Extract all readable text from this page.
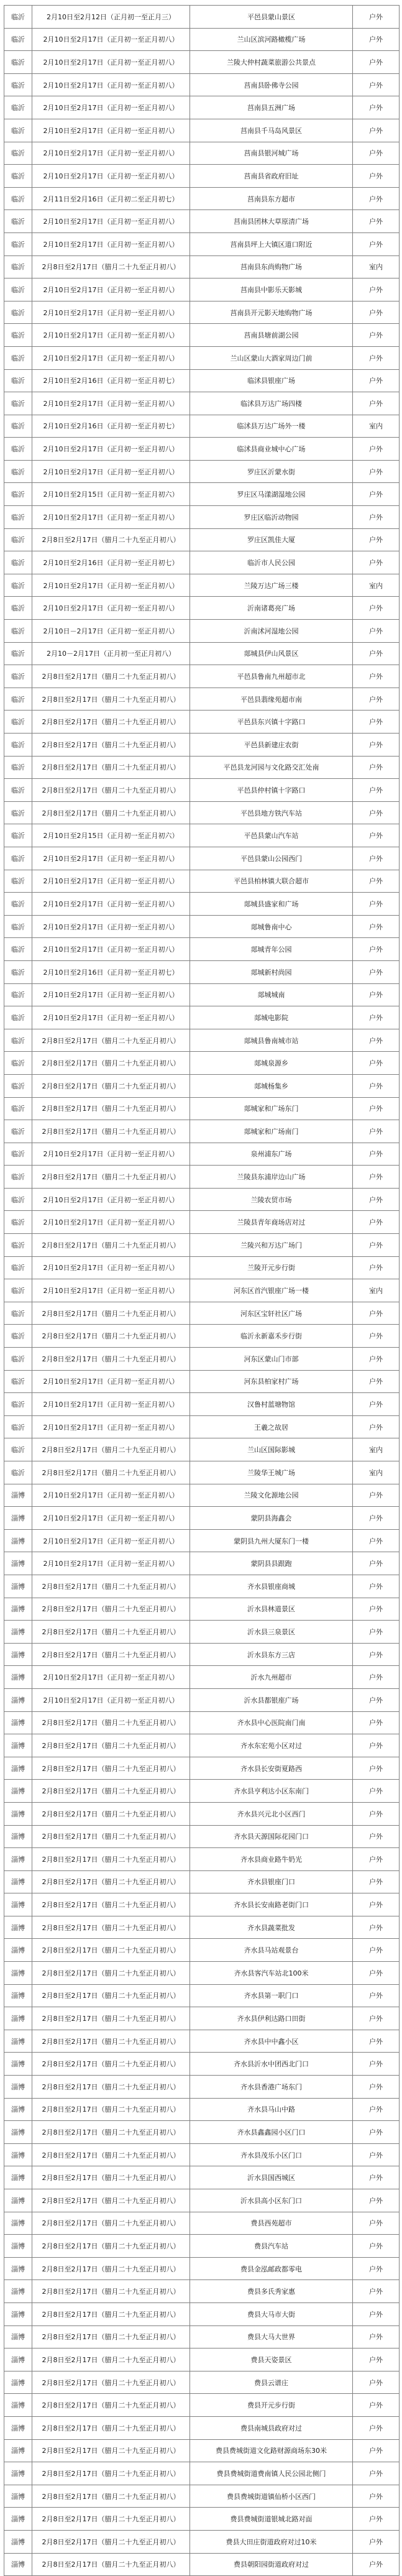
临沂	2月10日至2月12日（正月初一至正月三）	平邑县蒙山景区	户外
临沂	2月10日至2月17日（正月初一至正月初八）	兰山区滨河路橄榄广场	户外
临沂	2月10日至2月17日（正月初一至正月初八）	兰陵大仲村蔬菜旅游公共景点	户外
临沂	2月10日至2月17日（正月初一至正月初八）	莒南县卧佛寺公园	户外
临沂	2月10日至2月17日（正月初一至正月初八）	莒南县五洲广场	户外
临沂	2月10日至2月17日（正月初一至正月初八）	莒南县千马岛风景区	户外
临沂	2月10日至2月17日（正月初一至正月初八）	莒南县银河城广场	户外
临沂	2月10日至2月17日（正月初一至正月初八）	莒南县省政府旧址	户外
临沂	2月11日至2月16日（正月初二至正月初七）	莒南县东方超市	户外
临沂	2月10日至2月17日（正月初一至正月初八）	莒南县团林大草原清广场	户外
临沂	2月10日至2月17日（正月初一至正月初八）	莒南县坪上大镇区道口附近	户外
临沂	2月8日至2月17日（腊月二十九至正月初八）	莒南县东尚购物广场	室内
临沂	2月10日至2月17日（正月初一至正月初八）	莒南县中影乐天影城	户外
临沂	2月10日至2月17日（正月初一至正月初八）	莒南县开元影天地购物广场	户外
临沂	2月10日至2月17日（正月初一至正月初八）	莒南县塘前湖公园	户外
临沂	2月10日至2月17日（正月初一至正月初八）	兰山区蒙山大酒家周边门前	户外
临沂	2月10日至2月16日（正月初一至正月初七）	临沭县银座广场	户外
临沂	2月10日至2月17日（正月初一至正月初八）	临沭县万达广场四楼	户外
临沂	2月10日至2月16日（正月初一至正月初七）	临沭县万达广场外一楼	室内
临沂	2月10日至2月17日（正月初一至正月初八）	临沭县商业城中心广场	户外
临沂	2月10日至2月17日（正月初一至正月初八）	罗庄区沂蒙水街	户外
临沂	2月10日至2月15日（正月初一至正月初六）	罗庄区马漾湖湿地公园	户外
临沂	2月10日至2月17日（正月初一至正月初八）	罗庄区临沂动物园	户外
临沂	2月8日至2月17日（腊月二十九至正月初八）	罗庄区凯佳大厦	户外
临沂	2月10日至2月16日（正月初一至正月初七）	临沂市人民公园	户外
临沂	2月10日至2月17日（正月初一至正月初八）	兰陵万达广场三楼	室内
临沂	2月10日至2月17日（正月初一至正月初八）	沂南诸葛亮广场	户外
临沂	2月10日－2月17日（正月初一至正月初八）	沂南沭河湿地公园	户外
临沂	2月10－2月17日（正月初一至正月初八）	郯城县伊山风景区	户外
临沂	2月8日至2月17日（腊月二十九至正月初八）	平邑县鲁南九州超市北	户外
临沂	2月8日至2月17日（腊月二十九至正月初八）	平邑县翡缘苑超市南	户外
临沂	2月8日至2月17日（腊月二十九至正月初八）	平邑县东兴镇十字路口	户外
临沂	2月8日至2月17日（腊月二十九至正月初八）	平邑县新建庄农街	户外
临沂	2月8日至2月17日（腊月二十九至正月初八）	平邑县龙河园与文化路交汇处南	户外
临沂	2月8日至2月17日（腊月二十九至正月初八）	平邑县仲村镇十字路口	户外
临沂	2月8日至2月17日（腊月二十九至正月初八）	平邑县地方铁汽车站	户外
临沂	2月10日至2月15日（正月初一至正月初六）	平邑县蒙山汽车站	户外
临沂	2月10日至2月17日（正月初一至正月初八）	平邑县蒙山公园西门	户外
临沂	2月10日至2月17日（正月初一至正月初八）	平邑县柏林镇大联合超市	户外
临沂	2月10日至2月17日（正月初一至正月初八）	郯城县盛家和广场	户外
临沂	2月10日至2月17日（正月初一至正月初八）	郯城鲁南中心	户外
临沂	2月10日至2月17日（正月初一至正月初八）	郯城青年公园	户外
临沂	2月10日至2月16日（正月初一至正月初七）	郯城新村尚园	户外
临沂	2月10日至2月17日（正月初一至正月初八）	郯城城南	户外
临沂	2月10日至2月17日（正月初一至正月初八）	郯城电影院	户外
临沂	2月8日至2月17日（腊月二十九至正月初八）	郯城县鲁南城市站	户外
临沂	2月8日至2月17日（腊月二十九至正月初八）	郯城泉源乡	户外
临沂	2月8日至2月17日（腊月二十九至正月初八）	郯城杨集乡	户外
临沂	2月8日至2月17日（腊月二十九至正月初八）	郯城家和广场东门	户外
临沂	2月8日至2月17日（腊月二十九至正月初八）	郯城家和广场南门	户外
临沂	2月10日至2月17日（正月初一至正月初八）	泉州浦东广场	户外
临沂	2月8日至2月17日（腊月二十九至正月初八）	兰陵县东浦岸边山广场	户外
临沂	2月10日至2月17日（正月初一至正月初八）	兰陵农贸市场	户外
临沂	2月10日至2月17日（正月初一至正月初八）	兰陵县青年商场店对过	户外
临沂	2月8日至2月17日（腊月二十九至正月初八）	兰陵兴和万达广场门	户外
临沂	2月10日至2月17日（正月初一至正月初八）	兰陵开元步行街	户外
临沂	2月10日至2月17日（正月初一至正月初八）	河东区首汽银座广场一楼	室内
临沂	2月8日至2月17日（腊月二十九至正月初八）	河东区宝轩社区广场	户外
临沂	2月8日至2月17日（腊月二十九至正月初八）	临沂永新嘉禾步行街	户外
临沂	2月8日至2月17日（腊月二十九至正月初八）	河东区蒙山门市部	户外
临沂	2月10日至2月17日（正月初一至正月初八）	河东县柏家村广场	户外
临沂	2月10日至2月17日（正月初一至正月初八）	汉鲁村蓝塘物馆	户外
临沂	2月10日至2月17日（正月初一至正月初八）	王羲之故居	户外
临沂	2月8日至2月17日（腊月二十九至正月初八）	兰山区国际影城	室内
临沂	2月8日至2月17日（腊月二十九至正月初八）	兰陵华王城广场	室内
淄博	2月10日至2月17日（正月初一至正月初八）	兰陵文化源地公园	户外
淄博	2月10日至2月17日（正月初一至正月初八）	蒙阴县海鑫会	户外
淄博	2月10日至2月17日（正月初一至正月初八）	蒙阴县九州大厦东门一楼	户外
淄博	2月10日至2月17日（正月初一至正月初八）	蒙阴县县跟跑	户外
淄博	2月8日至2月17日（腊月二十九至正月初八）	齐水县银座商城	户外
淄博	2月8日至2月17日（腊月二十九至正月初八）	沂水县林道景区	户外
淄博	2月8日至2月17日（腊月二十九至正月初八）	沂水县三泉景区	户外
淄博	2月8日至2月17日（腊月二十九至正月初八）	沂水县东方三店	户外
淄博	2月10日至2月17日（正月初一至正月初八）	沂水九州超市	户外
淄博	2月10日至2月17日（正月初一至正月初八）	沂水县都银座广场	户外
淄博	2月8日至2月17日（腊月二十九至正月初八）	齐水县中心医院南门南	户外
淄博	2月8日至2月17日（腊月二十九至正月初八）	齐水东宏苑小区对过	户外
淄博	2月8日至2月17日（腊月二十九至正月初八）	齐水县长安街夏路西	户外
淄博	2月8日至2月17日（腊月二十九至正月初八）	齐水县亨利达小区东南门	户外
淄博	2月8日至2月17日（腊月二十九至正月初八）	齐水县兴元北小区西门	户外
淄博	2月8日至2月17日（腊月二十九至正月初八）	齐水县天源国际花园门口	户外
淄博	2月8日至2月17日（腊月二十九至正月初八）	齐水县商业路牛奶光	户外
淄博	2月8日至2月17日（腊月二十九至正月初八）	齐水县银座门口	户外
淄博	2月8日至2月17日（腊月二十九至正月初八）	齐水县长安南路老街门口	户外
淄博	2月8日至2月17日（腊月二十九至正月初八）	齐水县蔬菜批发	户外
淄博	2月8日至2月17日（腊月二十九至正月初八）	齐水县马站观景台	户外
淄博	2月8日至2月17日（腊月二十九至正月初八）	齐水县客汽车站北100米	户外
淄博	2月8日至2月17日（腊月二十九至正月初八）	齐水县第一职门口	户外
淄博	2月8日至2月17日（腊月二十九至正月初八）	齐水县伊利达路口田街	户外
淄博	2月8日至2月17日（腊月二十九至正月初八）	齐水县中中鑫小区	户外
淄博	2月8日至2月17日（腊月二十九至正月初八）	齐水县沂水中团西北门口	户外
淄博	2月8日至2月17日（腊月二十九至正月初八）	齐水县香港广场东门	户外
淄博	2月8日至2月17日（腊月二十九至正月初八）	齐水县马山中路	户外
淄博	2月8日至2月17日（腊月二十九至正月初八）	齐水县鑫鑫园小区门口	户外
淄博	2月8日至2月17日（腊月二十九至正月初八）	齐水县茂乐小区门口	户外
淄博	2月8日至2月17日（腊月二十九至正月初八）	沂水县国西城区	户外
淄博	2月8日至2月17日（腊月二十九至正月初八）	沂水县高小区东门口	户外
淄博	2月8日至2月17日（腊月二十九至正月初八）	费县西苑超市	户外
淄博	2月8日至2月17日（腊月二十九至正月初八）	费县汽车站	户外
淄博	2月8日至2月17日（腊月二十九至正月初八）	费县金泓邮政都零电	户外
淄博	2月8日至2月17日（腊月二十九至正月初八）	费县多氏秀家惠	户外
淄博	2月8日至2月17日（腊月二十九至正月初八）	费县大马市大街	户外
淄博	2月8日至2月17日（腊月二十九至正月初八）	费县大马大世界	户外
淄博	2月8日至2月17日（腊月二十九至正月初八）	费县天姿景区	户外
淄博	2月8日至2月17日（腊月二十九至正月初八）	费县云谱庄	户外
淄博	2月8日至2月17日（腊月二十九至正月初八）	费县开元步行街	户外
淄博	2月8日至2月17日（腊月二十九至正月初八）	费县南城县政府对过	户外
淄博	2月8日至2月17日（腊月二十九至正月初八）	费县费城街道文化路财源商场东30米	户外
淄博	2月8日至2月17日（腊月二十九至正月初八）	费县费城街道费南镇人民公园北侧门	户外
淄博	2月8日至2月17日（腊月二十九至正月初八）	费县费城街道镇仙桥小区西门	户外
淄博	2月8日至2月17日（腊月二十九至正月初八）	费县费城街道银城北路对面	户外
淄博	2月8日至2月17日（腊月二十九至正月初八）	费县大田庄街道政府对过10米	户外
淄博	2月8日至2月17日（腊月二十九至正月初八）	费县朝阳园街道政府对过	户外
